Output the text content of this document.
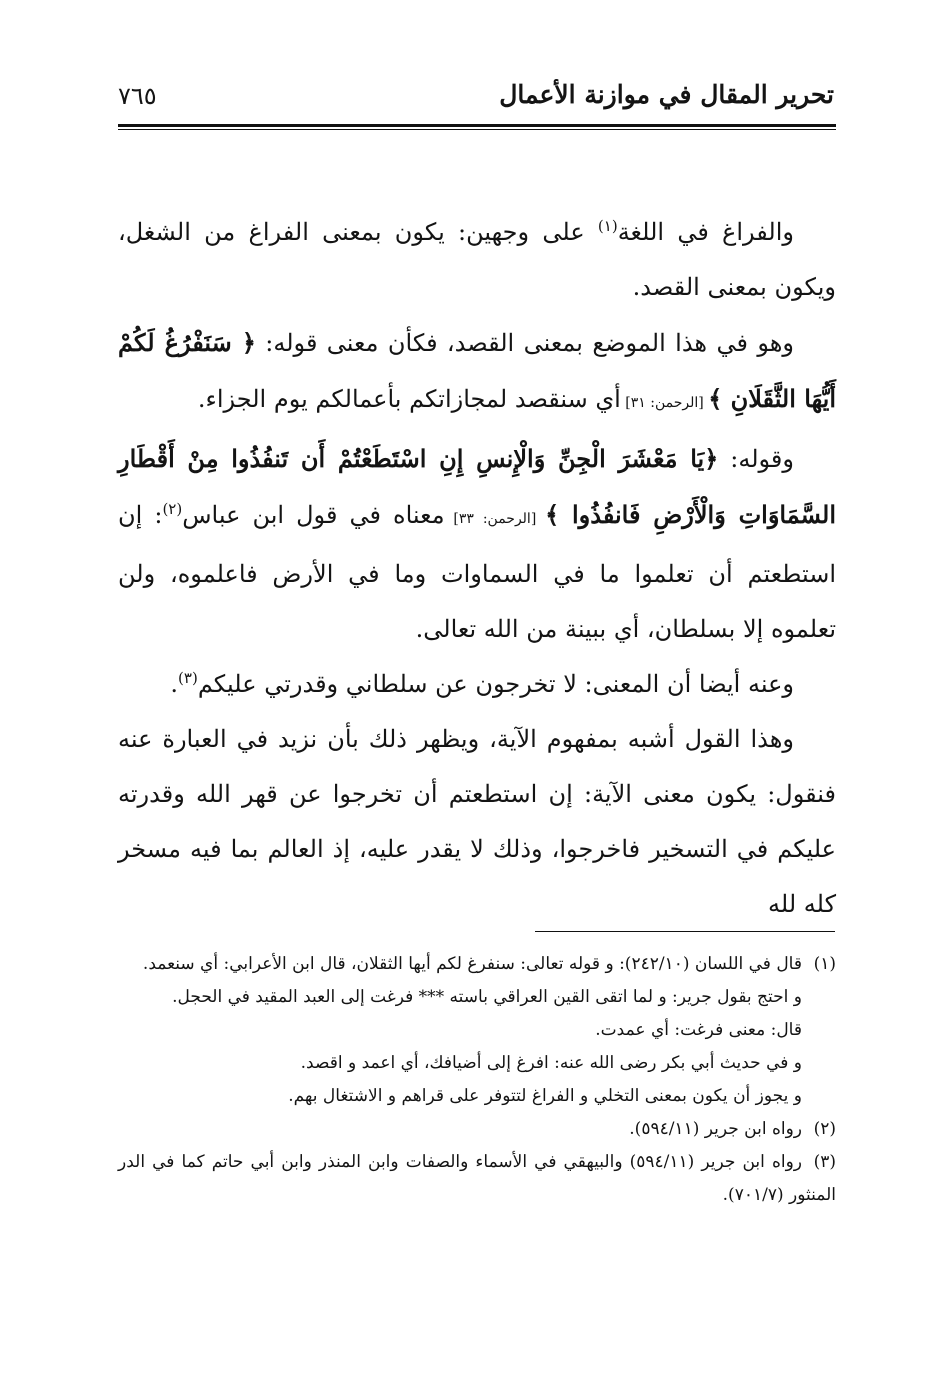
تحرير المقال في موازنة الأعمال
٧٦٥

والفراغ في اللغة$^{(١)}$ على وجهين: يكون بمعنى الفراغ من الشغل، ويكون بمعنى القصد.

وهو في هذا الموضع بمعنى القصد، فكأن معنى قوله: ﴿ سَنَفْرُغُ لَكُمْ أَيُّهَا الثَّقَلَانِ ﴾ [الرحمن: ٣١] أي سنقصد لمجازاتكم بأعمالكم يوم الجزاء.

وقوله: ﴿يَا مَعْشَرَ الْجِنِّ وَالْإِنسِ إِنِ اسْتَطَعْتُمْ أَن تَنفُذُوا مِنْ أَقْطَارِ السَّمَاوَاتِ وَالْأَرْضِ فَانفُذُوا ﴾ [الرحمن: ٣٣] معناه في قول ابن عباس$^{(٢)}$: إن استطعتم أن تعلموا ما في السماوات وما في الأرض فاعلموه، ولن تعلموه إلا بسلطان، أي ببينة من الله تعالى.

وعنه أيضا أن المعنى: لا تخرجون عن سلطاني وقدرتي عليكم$^{(٣)}$.

وهذا القول أشبه بمفهوم الآية، ويظهر ذلك بأن نزيد في العبارة عنه فنقول: يكون معنى الآية: إن استطعتم أن تخرجوا عن قهر الله وقدرته عليكم في التسخير فاخرجوا، وذلك لا يقدر عليه، إذ العالم بما فيه مسخر كله لله

(١)قال في اللسان (٢٤٢/١٠): و قوله تعالى: سنفرغ لكم أيها الثقلان، قال ابن الأعرابي: أي سنعمد.

و احتج بقول جرير: و لما اتقى القين العراقي باسته *** فرغت إلى العبد المقيد في الحجل.

قال: معنى فرغت: أي عمدت.

و في حديث أبي بكر رضى الله عنه: افرغ إلى أضيافك، أي اعمد و اقصد.

و يجوز أن يكون بمعنى التخلي و الفراغ لتتوفر على قراهم و الاشتغال بهم.

(٢)رواه ابن جرير (٥٩٤/١١).

(٣)رواه ابن جرير (٥٩٤/١١) والبيهقي في الأسماء والصفات وابن المنذر وابن أبي حاتم كما في الدر المنثور (٧٠١/٧).
